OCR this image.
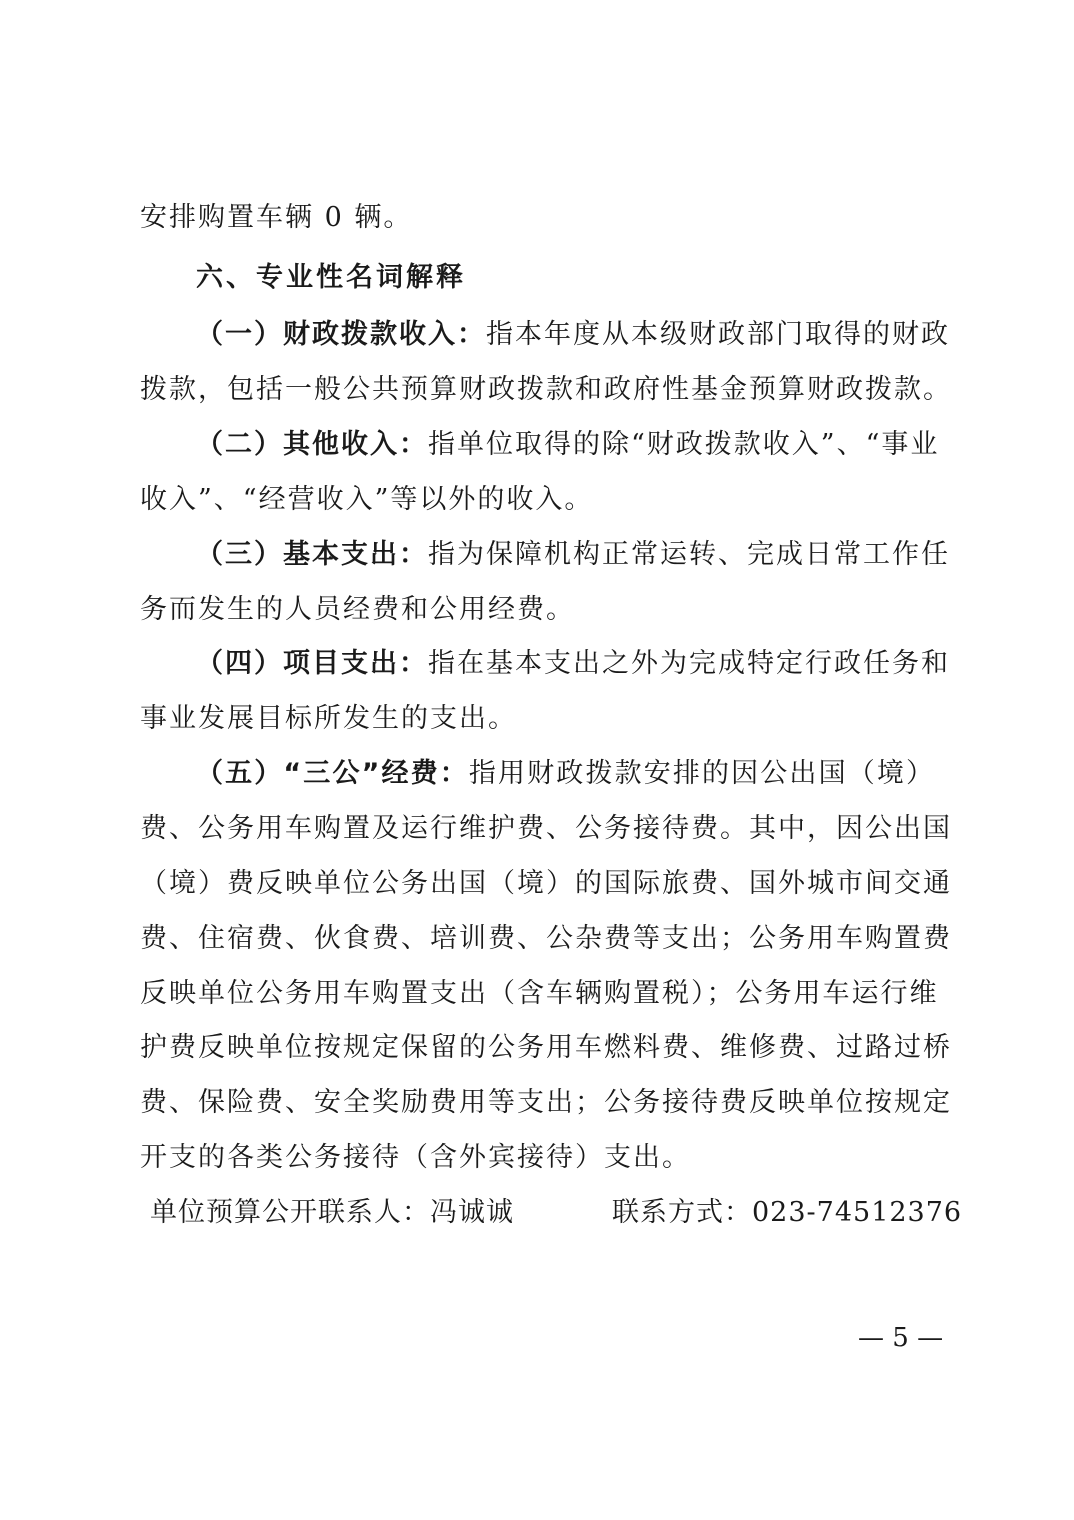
安排购置车辆 0 辆。
六、专业性名词解释
（一）财政拨款收入：指本年度从本级财政部门取得的财政
拨款，包括一般公共预算财政拨款和政府性基金预算财政拨款。
（二）其他收入：指单位取得的除“财政拨款收入”、“事业
收入”、“经营收入”等以外的收入。
（三）基本支出：指为保障机构正常运转、完成日常工作任
务而发生的人员经费和公用经费。
（四）项目支出：指在基本支出之外为完成特定行政任务和
事业发展目标所发生的支出。
（五）“三公”经费：指用财政拨款安排的因公出国（境）
费、公务用车购置及运行维护费、公务接待费。其中，因公出国
（境）费反映单位公务出国（境）的国际旅费、国外城市间交通
费、住宿费、伙食费、培训费、公杂费等支出；公务用车购置费
反映单位公务用车购置支出（含车辆购置税）；公务用车运行维
护费反映单位按规定保留的公务用车燃料费、维修费、过路过桥
费、保险费、安全奖励费用等支出；公务接待费反映单位按规定
开支的各类公务接待（含外宾接待）支出。
单位预算公开联系人：冯诚诚	联系方式：023-74512376
— 5 —
